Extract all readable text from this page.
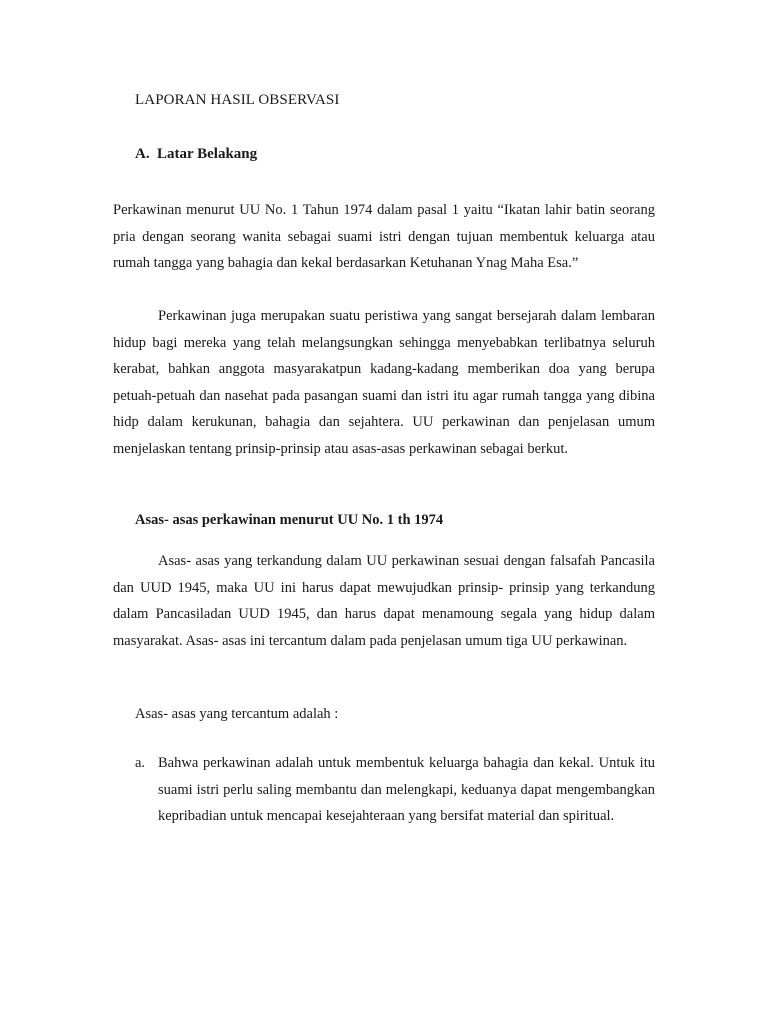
LAPORAN HASIL OBSERVASI
A. Latar Belakang

Perkawinan menurut UU No. 1 Tahun 1974 dalam pasal 1 yaitu “Ikatan lahir batin seorang pria dengan seorang wanita sebagai suami istri dengan tujuan membentuk keluarga atau rumah tangga yang bahagia dan kekal berdasarkan Ketuhanan Ynag Maha Esa.”

Perkawinan juga merupakan suatu peristiwa yang sangat bersejarah dalam lembaran hidup bagi mereka yang telah melangsungkan sehingga menyebabkan terlibatnya seluruh kerabat, bahkan anggota masyarakatpun kadang-kadang memberikan doa yang berupa petuah-petuah dan nasehat pada pasangan suami dan istri itu agar rumah tangga yang dibina hidp dalam kerukunan, bahagia dan sejahtera. UU perkawinan dan penjelasan umum menjelaskan tentang prinsip-prinsip atau asas-asas perkawinan sebagai berkut.

Asas- asas perkawinan menurut UU No. 1 th 1974

Asas- asas yang terkandung dalam UU perkawinan sesuai dengan falsafah Pancasila dan UUD 1945, maka UU ini harus dapat mewujudkan prinsip- prinsip yang terkandung dalam Pancasiladan UUD 1945, dan harus dapat menamoung segala yang hidup dalam masyarakat. Asas- asas ini tercantum dalam pada penjelasan umum tiga UU perkawinan.

Asas- asas yang tercantum adalah :

a. Bahwa perkawinan adalah untuk membentuk keluarga bahagia dan kekal. Untuk itu suami istri perlu saling membantu dan melengkapi, keduanya dapat mengembangkan kepribadian untuk mencapai kesejahteraan yang bersifat material dan spiritual.
